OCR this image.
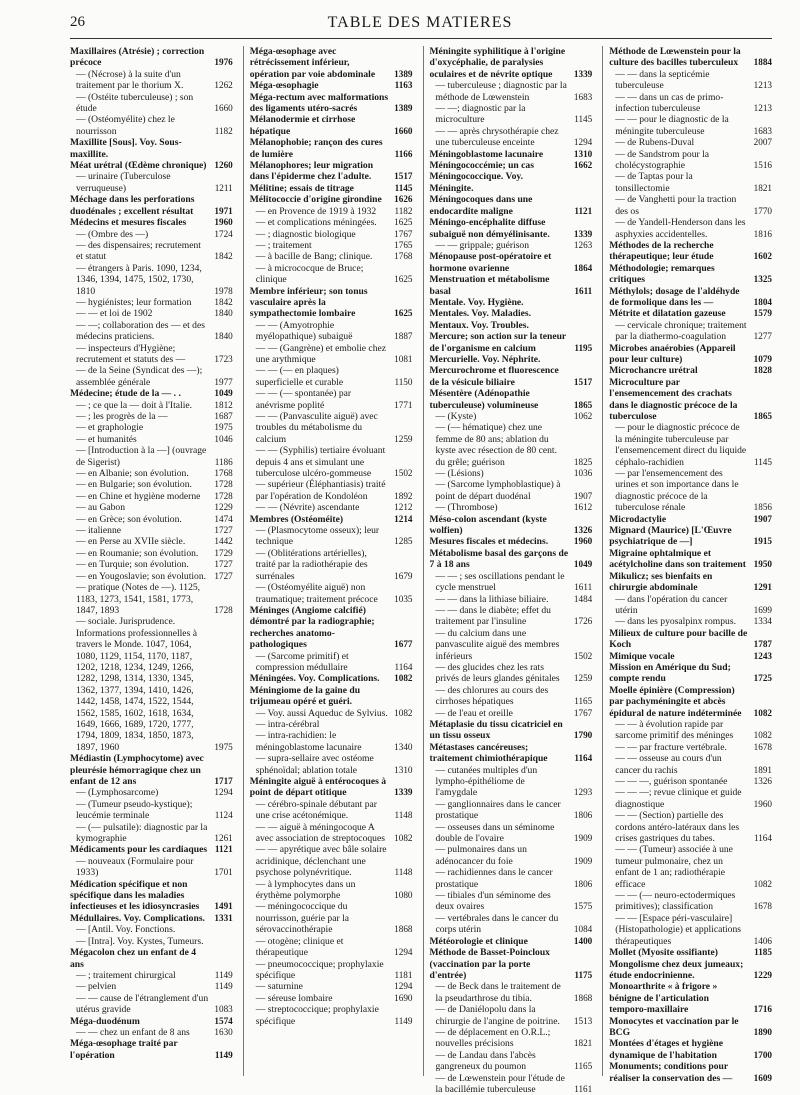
26	TABLE DES MATIERES
Maxillaires (Atrésie) ; correction précoce	1976
— (Nécrose) à la suite d'un traitement par le thorium X.	1262
— (Ostéite tuberculeuse) ; son étude	1660
— (Ostéomyélite) chez le nourrisson	1182
Maxillite [Sous]. Voy. Sous-maxillite.
Méat urétral (Œdème chronique) 1260
— urinaire (Tuberculose verruqueuse)	1211
Méchage dans les perforations duodénales ; excellent résultat	1971
Médecins et mesures fiscales	1960
— (Ombre des —)	1724
— des dispensaires; recrutement et statut	1842
— étrangers à Paris. 1090, 1234, 1346, 1394, 1475, 1502, 1730, 1810	1978
— hygiénistes; leur formation	1842
— — et loi de 1902	1840
— —; collaboration des — et des médecins praticiens.	1840
— inspecteurs d'Hygiène; recrutement et statuts des —	1723
— de la Seine (Syndicat des —); assemblée générale	1977
Médecine; étude de la — . .	1049
— ; ce que la — doit à l'Italie.	1812
— ; les progrès de la —	1687
— et graphologie	1975
— et humanités	1046
— [Introduction à la —] (ouvrage de Sigerist)	1186
— en Albanie; son évolution.	1768
— en Bulgarie; son évolution.	1728
— en Chine et hygiène moderne	1728
— au Gabon	1229
— en Grèce; son évolution.	1474
— italienne	1727
— en Perse au XVIIe siècle.	1442
— en Roumanie; son évolution.	1729
— en Turquie; son évolution.	1727
— en Yougoslavie; son évolution. 1727
— pratique (Notes de —). 1125, 1183, 1273, 1541, 1581, 1773, 1847, 1893	1728
— sociale. Jurisprudence. Informations professionnelles à travers le Monde. 1047, 1064, 1080, 1129, 1154, 1170, 1187, 1202, 1218, 1234, 1249, 1266, 1282, 1298, 1314, 1330, 1345, 1362, 1377, 1394, 1410, 1426, 1442, 1458, 1474, 1522, 1544, 1562, 1585, 1602, 1618, 1634, 1649, 1666, 1689, 1720, 1777, 1794, 1809, 1834, 1850, 1873, 1897, 1960	1975
Médiastin (Lymphocytome) avec pleurésie hémorragique chez un enfant de 12 ans	1717
— (Lymphosarcome)	1294
— (Tumeur pseudo-kystique); leucémie terminale	1124
— (— pulsatile): diagnostic par la kymographie	1261
Médicaments pour les cardiaques 1121
— nouveaux (Formulaire pour 1933)	1701
Médication spécifique et non spécifique dans les maladies infectieuses et les idiosyncrasies	1491
Médullaires. Voy. Complications.	1331
— [Antil. Voy. Fonctions.
— [Intra]. Voy. Kystes, Tumeurs.
Mégacolon chez un enfant de 4 ans
— ; traitement chirurgical	1149
— pelvien	1149
— — cause de l'étranglement d'un utérus gravide	1083
Méga-duodénum	1574
— — chez un enfant de 8 ans	1630
Méga-œsophage traité par l'opération	1149
Méga-œsophage avec rétrécissement inférieur, opération par voie abdominale	1389
Méga-œsophagie	1163
Méga-rectum avec malformations des ligaments utéro-sacrés	1389
Mélanodermie et cirrhose hépatique	1660
Mélanophobie; rançon des cures de lumière	1166
Mélanophores; leur migration dans l'épiderme chez l'adulte.	1517
Mélitine; essais de titrage	1145
Mélitococcie d'origine girondine	1626
— en Provence de 1919 à 1932	1182
— et complications méningées.	1625
— ; diagnostic biologique	1767
— ; traitement	1765
— à bacille de Bang; clinique.	1768
— à micrococque de Bruce; clinique	1625
Membre inférieur; son tonus vasculaire après la sympathectomie lombaire	1625
— — (Amyotrophie myélopathique) subaiguë	1887
— — (Gangrène) et embolie chez une arythmique	1081
— — (— en plaques) superficielle et curable	1150
— — (— spontanée) par anévrisme poplité	1771
— — (Panvasculite aiguë) avec troubles du métabolisme du calcium	1259
— — (Syphilis) tertiaire évoluant depuis 4 ans et simulant une tuberculose ulcéro-gommeuse	1502
— supérieur (Éléphantiasis) traité par l'opération de Kondoléon	1892
— — (Névrite) ascendante	1212
Membres (Ostéoméite)	1214
— (Plasmocytome osseux); leur technique	1285
— (Oblitérations artérielles), traité par la radiothérapie des surrénales	1679
— (Ostéomyélite aiguë) non traumatique; traitement précoce	1035
Méninges (Angiome calcifié) démontré par la radiographie; recherches anatomo-pathologiques	1677
— (Sarcome primitif) et compression médullaire	1164
Méningées. Voy. Complications.	1082
Méningiome de la gaine du trijumeau opéré et guéri.
— Voy. aussi Aqueduc de Sylvius. 1082
— intra-cérébral
— intra-rachidien: le méningoblastome lacunaire	1340
— supra-sellaire avec ostéome sphénoïdal; ablation totale	1310
Méningite aiguë à entérocoques à point de départ otitique	1339
— cérébro-spinale débutant par une crise acétonémique.	1148
— — aiguë à méningocoque A avec association de streptocoques 1082
— — apyrétique avec bâle solaire acridinique, déclenchant une psychose polynévritique.	1148
— à lymphocytes dans un érythème polymorphe	1080
— méningococcique du nourrisson, guérie par la sérovaccinothérapie	1868
— otogène; clinique et thérapeutique	1294
— pneumococcique; prophylaxie spécifique	1181
— saturnine	1294
— séreuse lombaire	1690
— streptococcique; prophylaxie spécifique	1149
Méningite syphilitique à l'origine d'oxycéphalie, de paralysies oculaires et de névrite optique	1339
— tuberculeuse ; diagnostic par la méthode de Lœwenstein	1683
— —; diagnostic par la microculture	1145
— — après chrysothérapie chez une tuberculeuse enceinte	1294
Méningoblastome lacunaire	1310
Méningococcémie; un cas	1662
Méningococcique. Voy. Méningite.
Méningocoques dans une endocardite maligne	1121
Méningo-encéphalite diffuse subaiguë non démyélinisante.	1339
— — grippale; guérison	1263
Ménopause post-opératoire et hormone ovarienne	1864
Menstruation et métabolisme basal	1611
Mentale. Voy. Hygiène.
Mentales. Voy. Maladies.
Mentaux. Voy. Troubles.
Mercure; son action sur la teneur de l'organisme en calcium	1195
Mercurielle. Voy. Néphrite.
Mercurochrome et fluorescence de la vésicule biliaire	1517
Mésentère (Adénopathie tuberculeuse) volumineuse	1865
— (Kyste)	1062
— (— hématique) chez une femme de 80 ans; ablation du kyste avec résection de 80 cent. du grêle; guérison	1825
— (Lésions)	1036
— (Sarcome lymphoblastique) à point de départ duodénal	1907
— (Thrombose)	1612
Méso-colon ascendant (kyste wolfien)	1326
Mesures fiscales et médecins.	1960
Métabolisme basal des garçons de 7 à 18 ans	1049
— — ; ses oscillations pendant le cycle menstruel	1611
— — dans la lithiase biliaire.	1484
— — dans le diabète; effet du traitement par l'insuline	1726
— du calcium dans une panvasculite aiguë des membres inférieurs	1502
— des glucides chez les rats privés de leurs glandes génitales	1259
— des chlorures au cours des cirrhoses hépatiques	1165
— de l'eau et oreille	1767
Métaplasie du tissu cicatriciel en un tissu osseux	1790
Métastases cancéreuses; traitement chimiothérapique	1164
— cutanées multiples d'un lympho-épithéliome de l'amygdale	1293
— ganglionnaires dans le cancer prostatique	1806
— osseuses dans un séminome double de l'ovaire	1909
— pulmonaires dans un adénocancer du foie	1909
— rachidiennes dans le cancer prostatique	1806
— tibiales d'un séminome des deux ovaires	1575
— vertébrales dans le cancer du corps utérin	1084
Météorologie et clinique	1400
Méthode de Basset-Poincloux (vaccination par la porte d'entrée)	1175
— de Beck dans le traitement de la pseudarthrose du tibia.	1868
— de Daniélopolu dans la chirurgie de l'angine de poitrine.	1513
— de déplacement en O.R.L.; nouvelles précisions	1821
— de Landau dans l'abcès gangreneux du poumon	1165
— de Lœwenstein pour l'étude de la bacillémie tuberculeuse	1161
Méthode de Lœwenstein pour la culture des bacilles tuberculeux	1884
— — dans la septicémie tuberculeuse	1213
— — dans un cas de primo-infection tuberculeuse	1213
— — pour le diagnostic de la méningite tuberculeuse	1683
— de Rubens-Duval	2007
— de Sandstrom pour la cholécystographie	1516
— de Taptas pour la tonsillectomie	1821
— de Vanghetti pour la traction des os	1770
— de Yandell-Henderson dans les asphyxies accidentelles.	1816
Méthodes de la recherche thérapeutique; leur étude	1602
Méthodologie; remarques critiques	1325
Méthylols; dosage de l'aldéhyde de formolique dans les —	1804
Métrite et dilatation gazeuse	1579
— cervicale chronique; traitement par la diathermo-coagulation	1277
Microbes anaérobies (Appareil pour leur culture)	1079
Microchancre urétral	1828
Microculture par l'ensemencement des crachats dans le diagnostic précoce de la tuberculose	1865
— pour le diagnostic précoce de la méningite tuberculeuse par l'ensemencement direct du liquide céphalo-rachidien	1145
— par l'ensemencement des urines et son importance dans le diagnostic précoce de la tuberculose rénale	1856
Microdactylie	1907
Mignard (Maurice) [L'Œuvre psychiatrique de —]	1915
Migraine ophtalmique et acétylcholine dans son traitement 1950
Mikulicz; ses bienfaits en chirurgie abdominale	1291
— dans l'opération du cancer utérin	1699
— dans les pyosalpinx rompus.	1334
Milieux de culture pour bacille de Koch	1787
Mimique vocale	1243
Mission en Amérique du Sud; compte rendu	1725
Moelle épinière (Compression) par pachyméningite et abcès épidural de nature indéterminée	1082
— — à évolution rapide par sarcome primitif des méninges	1082
— — par fracture vertébrale.	1678
— — osseuse au cours d'un cancer du rachis	1891
— — —, guérison spontanée	1326
— — —; revue clinique et guide diagnostique	1960
— — (Section) partielle des cordons antéro-latéraux dans les crises gastriques du tabes.	1164
— — (Tumeur) associée à une tumeur pulmonaire, chez un enfant de 1 an; radiothérapie efficace	1082
— — (— neuro-ectodermiques primitives); classification	1678
— — [Espace péri-vasculaire] (Histopathologie) et applications thérapeutiques	1406
Mollet (Myosite ossifiante)	1185
Mongolisme chez deux jumeaux; étude endocrinienne.	1229
Monoarthrite « à frigore » bénigne de l'articulation temporo-maxillaire	1716
Monocytes et vaccination par le BCG	1890
Montées d'étages et hygiène dynamique de l'habitation	1700
Monuments; conditions pour réaliser la conservation des —	1609
